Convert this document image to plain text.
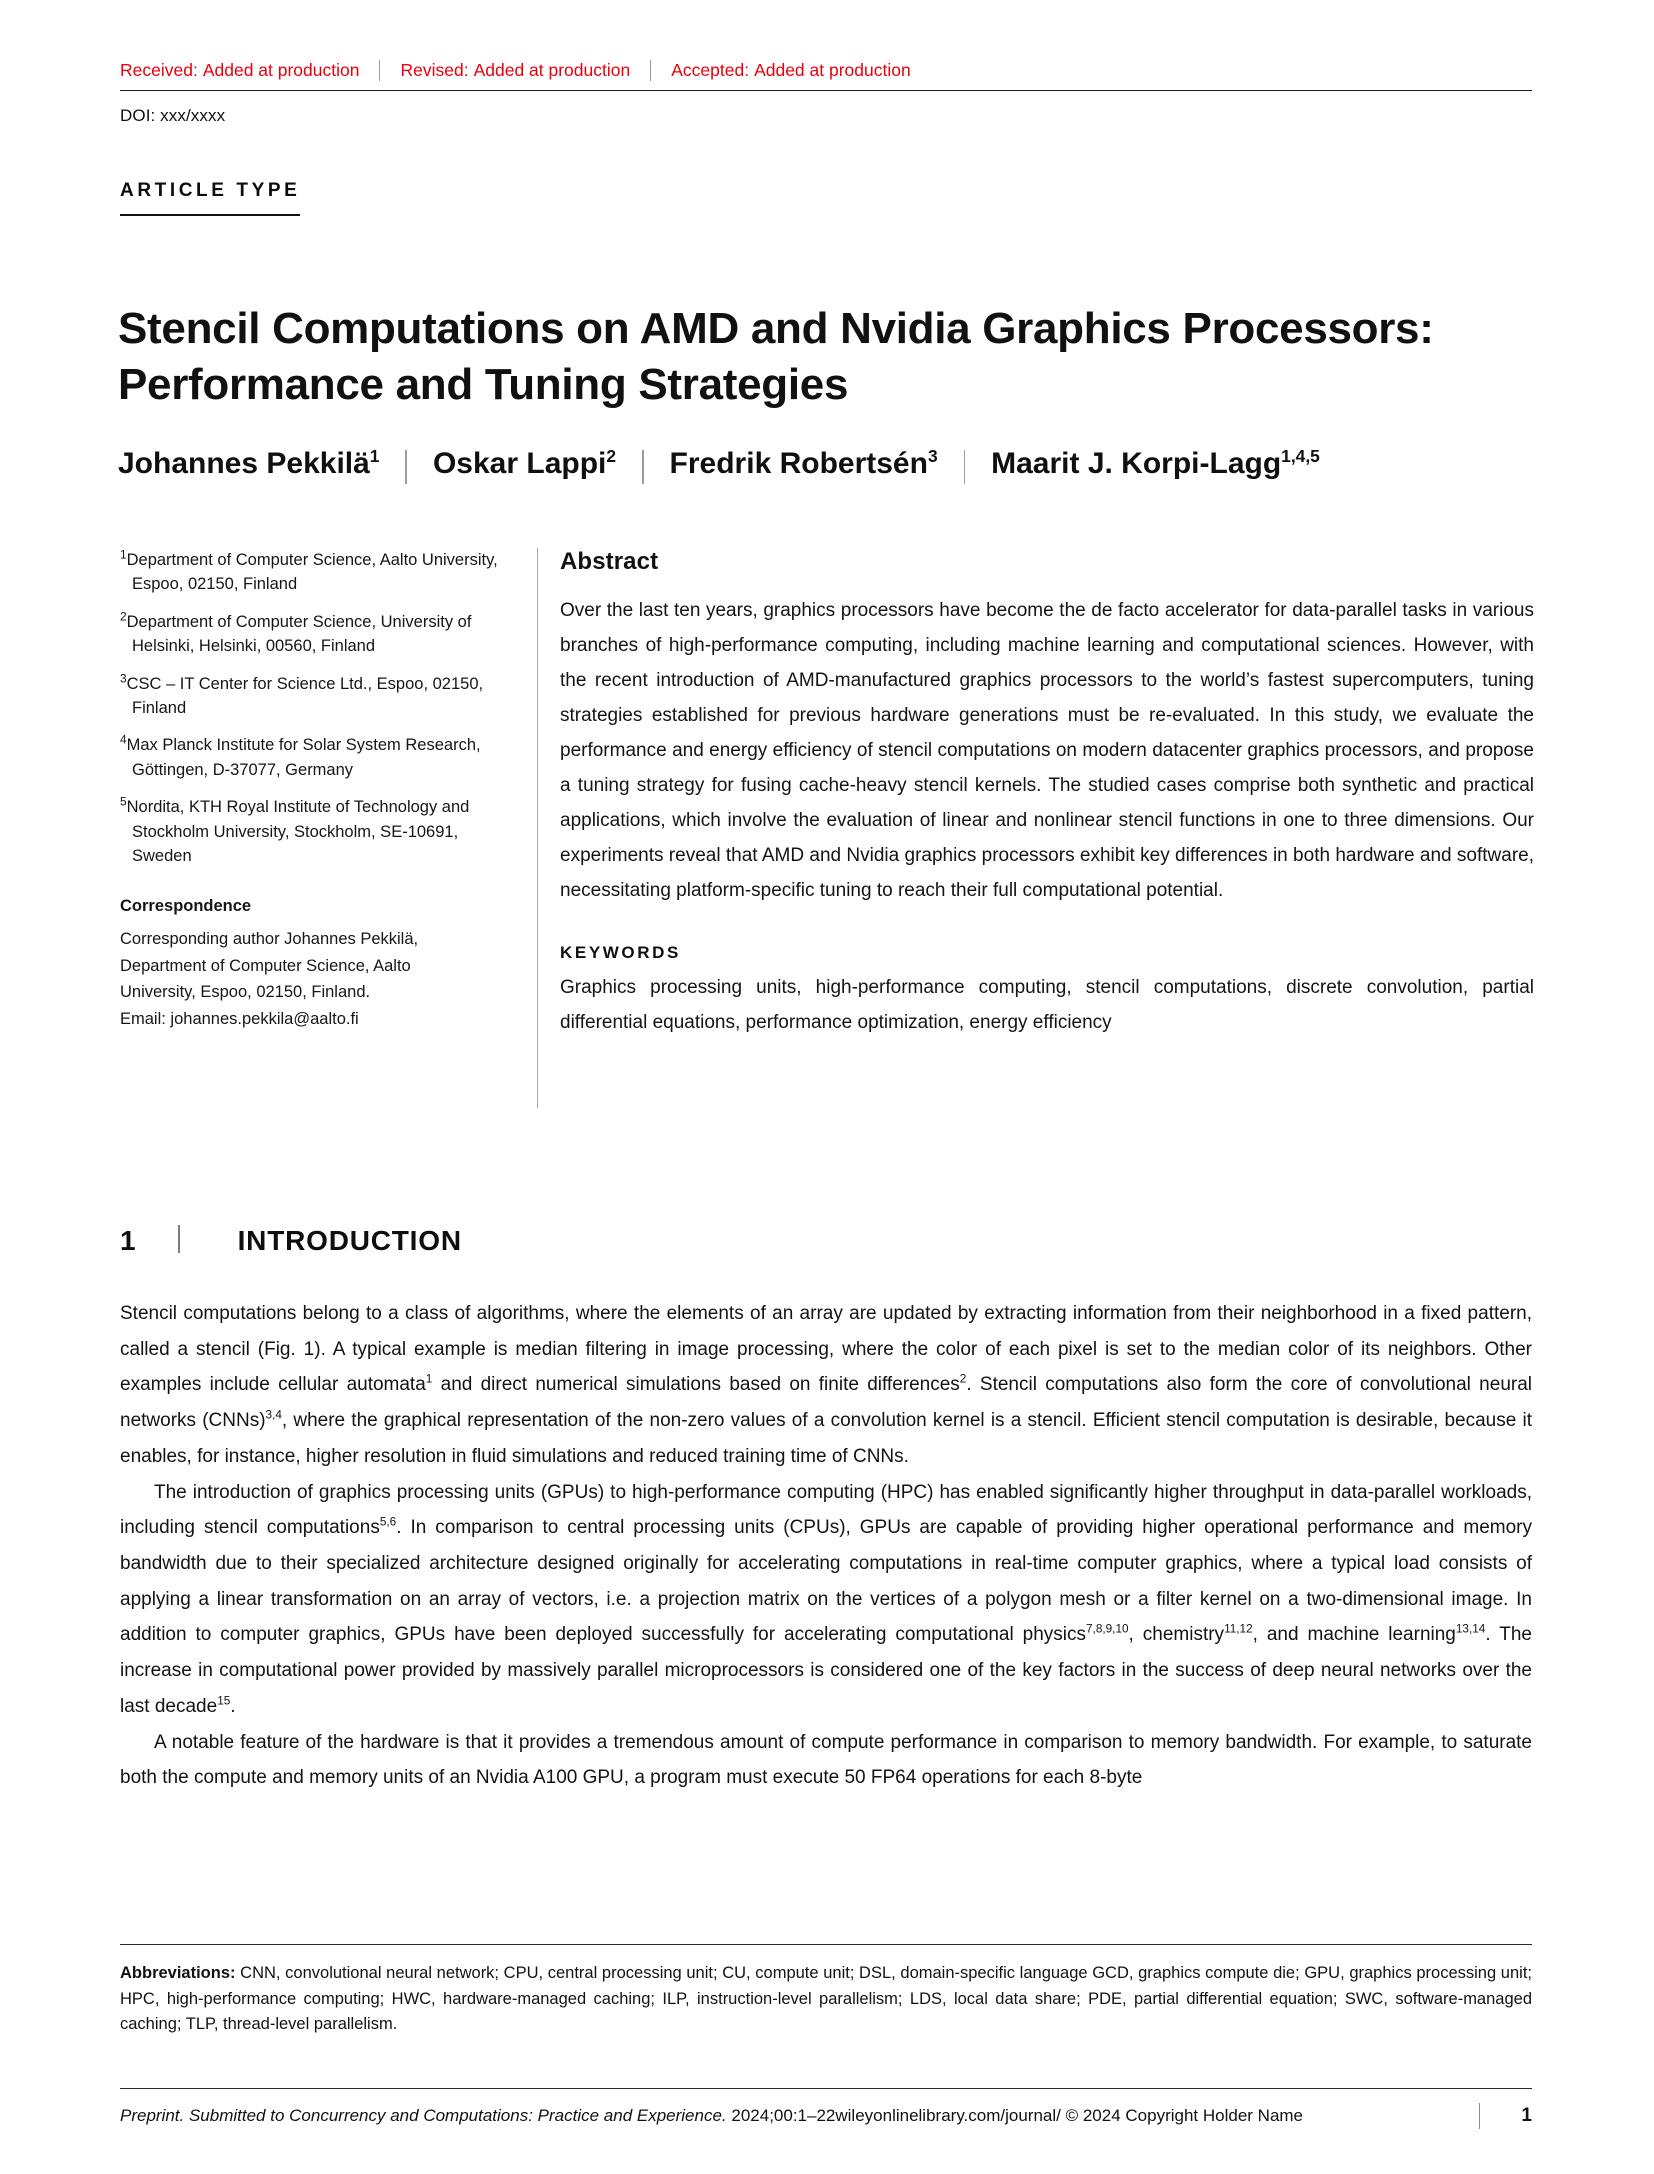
Received: Added at production	Revised: Added at production	Accepted: Added at production
DOI: xxx/xxxx
ARTICLE TYPE
Stencil Computations on AMD and Nvidia Graphics Processors: Performance and Tuning Strategies
Johannes Pekkilä$^1$ Oskar Lappi$^2$ Fredrik Robertsén$^3$ Maarit J. Korpi-Lagg$^{1,4,5}$
$^1$Department of Computer Science, Aalto University, Espoo, 02150, Finland
$^2$Department of Computer Science, University of Helsinki, Helsinki, 00560, Finland
$^3$CSC – IT Center for Science Ltd., Espoo, 02150, Finland
$^4$Max Planck Institute for Solar System Research, Göttingen, D-37077, Germany
$^5$Nordita, KTH Royal Institute of Technology and Stockholm University, Stockholm, SE-10691, Sweden
Correspondence
Corresponding author Johannes Pekkilä,
Department of Computer Science, Aalto
University, Espoo, 02150, Finland.
Email: johannes.pekkila@aalto.fi
Abstract
Over the last ten years, graphics processors have become the de facto accelerator for data-parallel tasks in various branches of high-performance computing, including machine learning and computational sciences. However, with the recent introduction of AMD-manufactured graphics processors to the world’s fastest supercomputers, tuning strategies established for previous hardware generations must be re-evaluated. In this study, we evaluate the performance and energy efficiency of stencil computations on modern datacenter graphics processors, and propose a tuning strategy for fusing cache-heavy stencil kernels. The studied cases comprise both synthetic and practical applications, which involve the evaluation of linear and nonlinear stencil functions in one to three dimensions. Our experiments reveal that AMD and Nvidia graphics processors exhibit key differences in both hardware and software, necessitating platform-specific tuning to reach their full computational potential.
KEYWORDS
Graphics processing units, high-performance computing, stencil computations, discrete convolution, partial differential equations, performance optimization, energy efficiency
1	INTRODUCTION

Stencil computations belong to a class of algorithms, where the elements of an array are updated by extracting information from their neighborhood in a fixed pattern, called a stencil (Fig. 1). A typical example is median filtering in image processing, where the color of each pixel is set to the median color of its neighbors. Other examples include cellular automata$^1$ and direct numerical simulations based on finite differences$^2$. Stencil computations also form the core of convolutional neural networks (CNNs)$^{3,4}$, where the graphical representation of the non-zero values of a convolution kernel is a stencil. Efficient stencil computation is desirable, because it enables, for instance, higher resolution in fluid simulations and reduced training time of CNNs.

The introduction of graphics processing units (GPUs) to high-performance computing (HPC) has enabled significantly higher throughput in data-parallel workloads, including stencil computations$^{5,6}$. In comparison to central processing units (CPUs), GPUs are capable of providing higher operational performance and memory bandwidth due to their specialized architecture designed originally for accelerating computations in real-time computer graphics, where a typical load consists of applying a linear transformation on an array of vectors, i.e. a projection matrix on the vertices of a polygon mesh or a filter kernel on a two-dimensional image. In addition to computer graphics, GPUs have been deployed successfully for accelerating computational physics$^{7,8,9,10}$, chemistry$^{11,12}$, and machine learning$^{13,14}$. The increase in computational power provided by massively parallel microprocessors is considered one of the key factors in the success of deep neural networks over the last decade$^{15}$.

A notable feature of the hardware is that it provides a tremendous amount of compute performance in comparison to memory bandwidth. For example, to saturate both the compute and memory units of an Nvidia A100 GPU, a program must execute 50 FP64 operations for each 8-byte

Abbreviations: CNN, convolutional neural network; CPU, central processing unit; CU, compute unit; DSL, domain-specific language GCD, graphics compute die; GPU, graphics processing unit; HPC, high-performance computing; HWC, hardware-managed caching; ILP, instruction-level parallelism; LDS, local data share; PDE, partial differential equation; SWC, software-managed caching; TLP, thread-level parallelism.
Preprint. Submitted to Concurrency and Computations: Practice and Experience. 2024;00:1–22wileyonlinelibrary.com/journal/ © 2024 Copyright Holder Name	1
